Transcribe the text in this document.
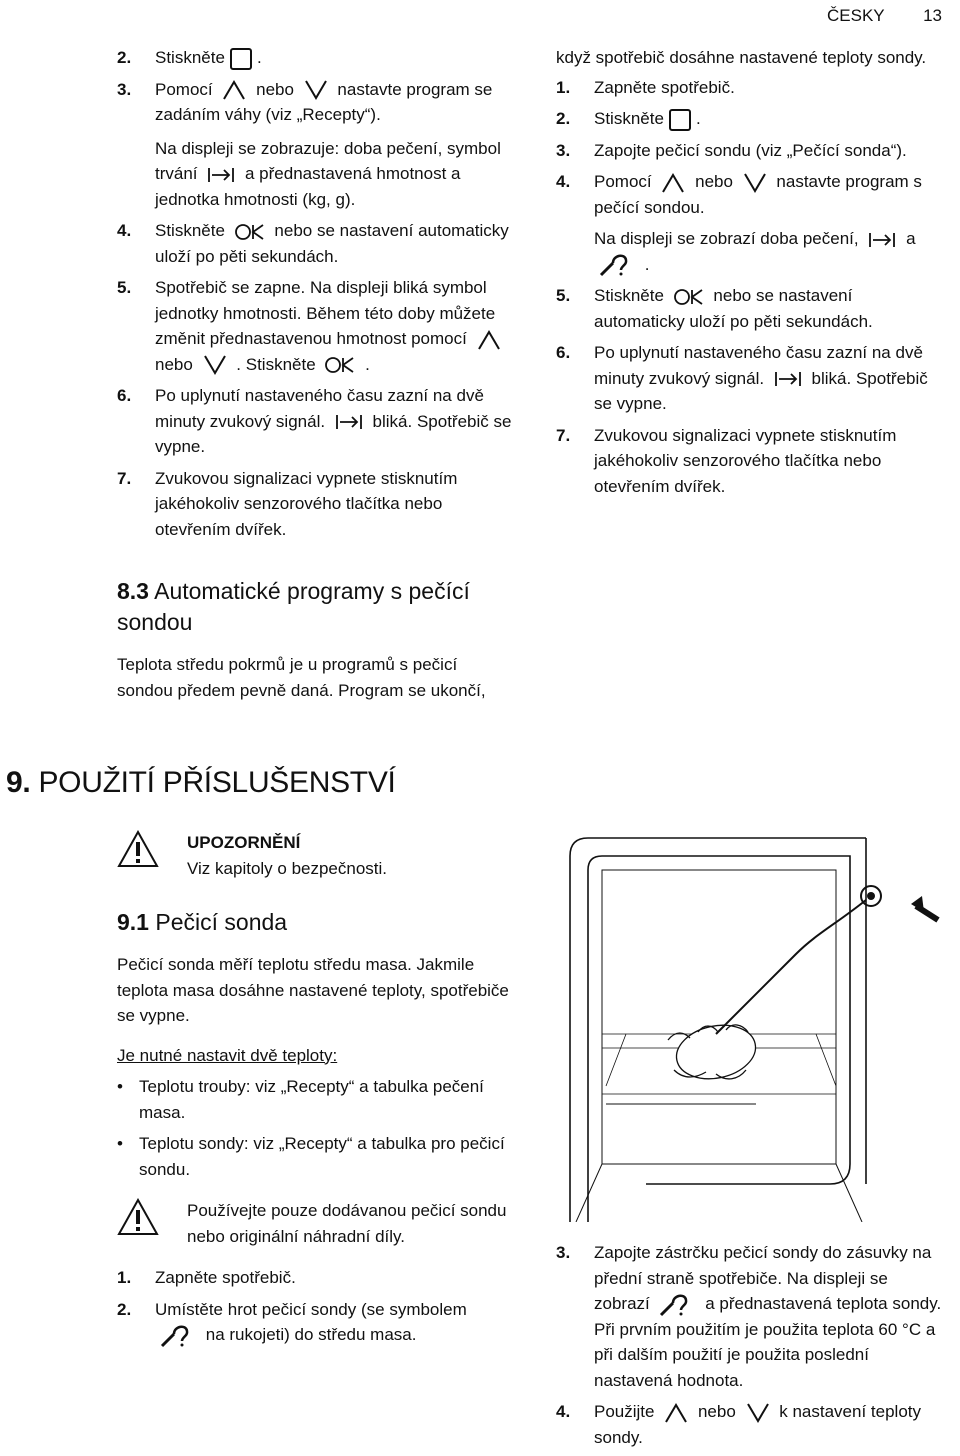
ČESKY 13
2.	Stiskněte .
3.	Pomocí	nebo	nastavte program se zadáním váhy (viz „Recepty“).

Na displeji se zobrazuje: doba pečení, symbol trvání	a přednastavená hmotnost a jednotka hmotnosti (kg, g).

4.	Stiskněte	nebo se nastavení automaticky uloží po pěti sekundách.
5.	Spotřebič se zapne. Na displeji bliká symbol jednotky hmotnosti. Během této doby můžete změnit přednastavenou hmotnost pomocí  nebo	. Stiskněte	.
6.	Po uplynutí nastaveného času zazní na dvě minuty zvukový signál.	bliká. Spotřebič se vypne.
7.	Zvukovou signalizaci vypnete stisknutím jakéhokoliv senzorového tlačítka nebo otevřením dvířek.
8.3 Automatické programy s pečící sondou

Teplota středu pokrmů je u programů s pečicí sondou předem pevně daná. Program se ukončí,

když spotřebič dosáhne nastavené teploty sondy.

1.	Zapněte spotřebič.
2.	Stiskněte .
3.	Zapojte pečicí sondu (viz „Pečící sonda“).
4.	Pomocí	nebo	nastavte program s pečící sondou.

Na displeji se zobrazí doba pečení,	a
.

5.	Stiskněte	nebo se nastavení automaticky uloží po pěti sekundách.
6.	Po uplynutí nastaveného času zazní na dvě minuty zvukový signál.	bliká. Spotřebič se vypne.
7.	Zvukovou signalizaci vypnete stisknutím jakéhokoliv senzorového tlačítka nebo otevřením dvířek.
9. POUŽITÍ PŘÍSLUŠENSTVÍ

UPOZORNĚNÍ

Viz kapitoly o bezpečnosti.

9.1 Pečicí sonda

Pečicí sonda měří teplotu středu masa. Jakmile teplota masa dosáhne nastavené teploty, spotřebiče se vypne.

Je nutné nastavit dvě teploty:

• Teplotu trouby: viz „Recepty“ a tabulka pečení masa.
• Teplotu sondy: viz „Recepty“ a tabulka pro pečicí sondu.

Používejte pouze dodávanou pečicí sondu nebo originální náhradní díly.

1.	Zapněte spotřebič.
2.	Umístěte hrot pečicí sondy (se symbolem
na rukojeti) do středu masa.
3.	Zapojte zástrčku pečicí sondy do zásuvky na přední straně spotřebiče. Na displeji se zobrazí	a přednastavená teplota sondy. Při prvním použitím je použita teplota 60 °C a při dalším použití je použita poslední nastavená hodnota.
4.	Použijte	nebo	k nastavení teploty sondy.
